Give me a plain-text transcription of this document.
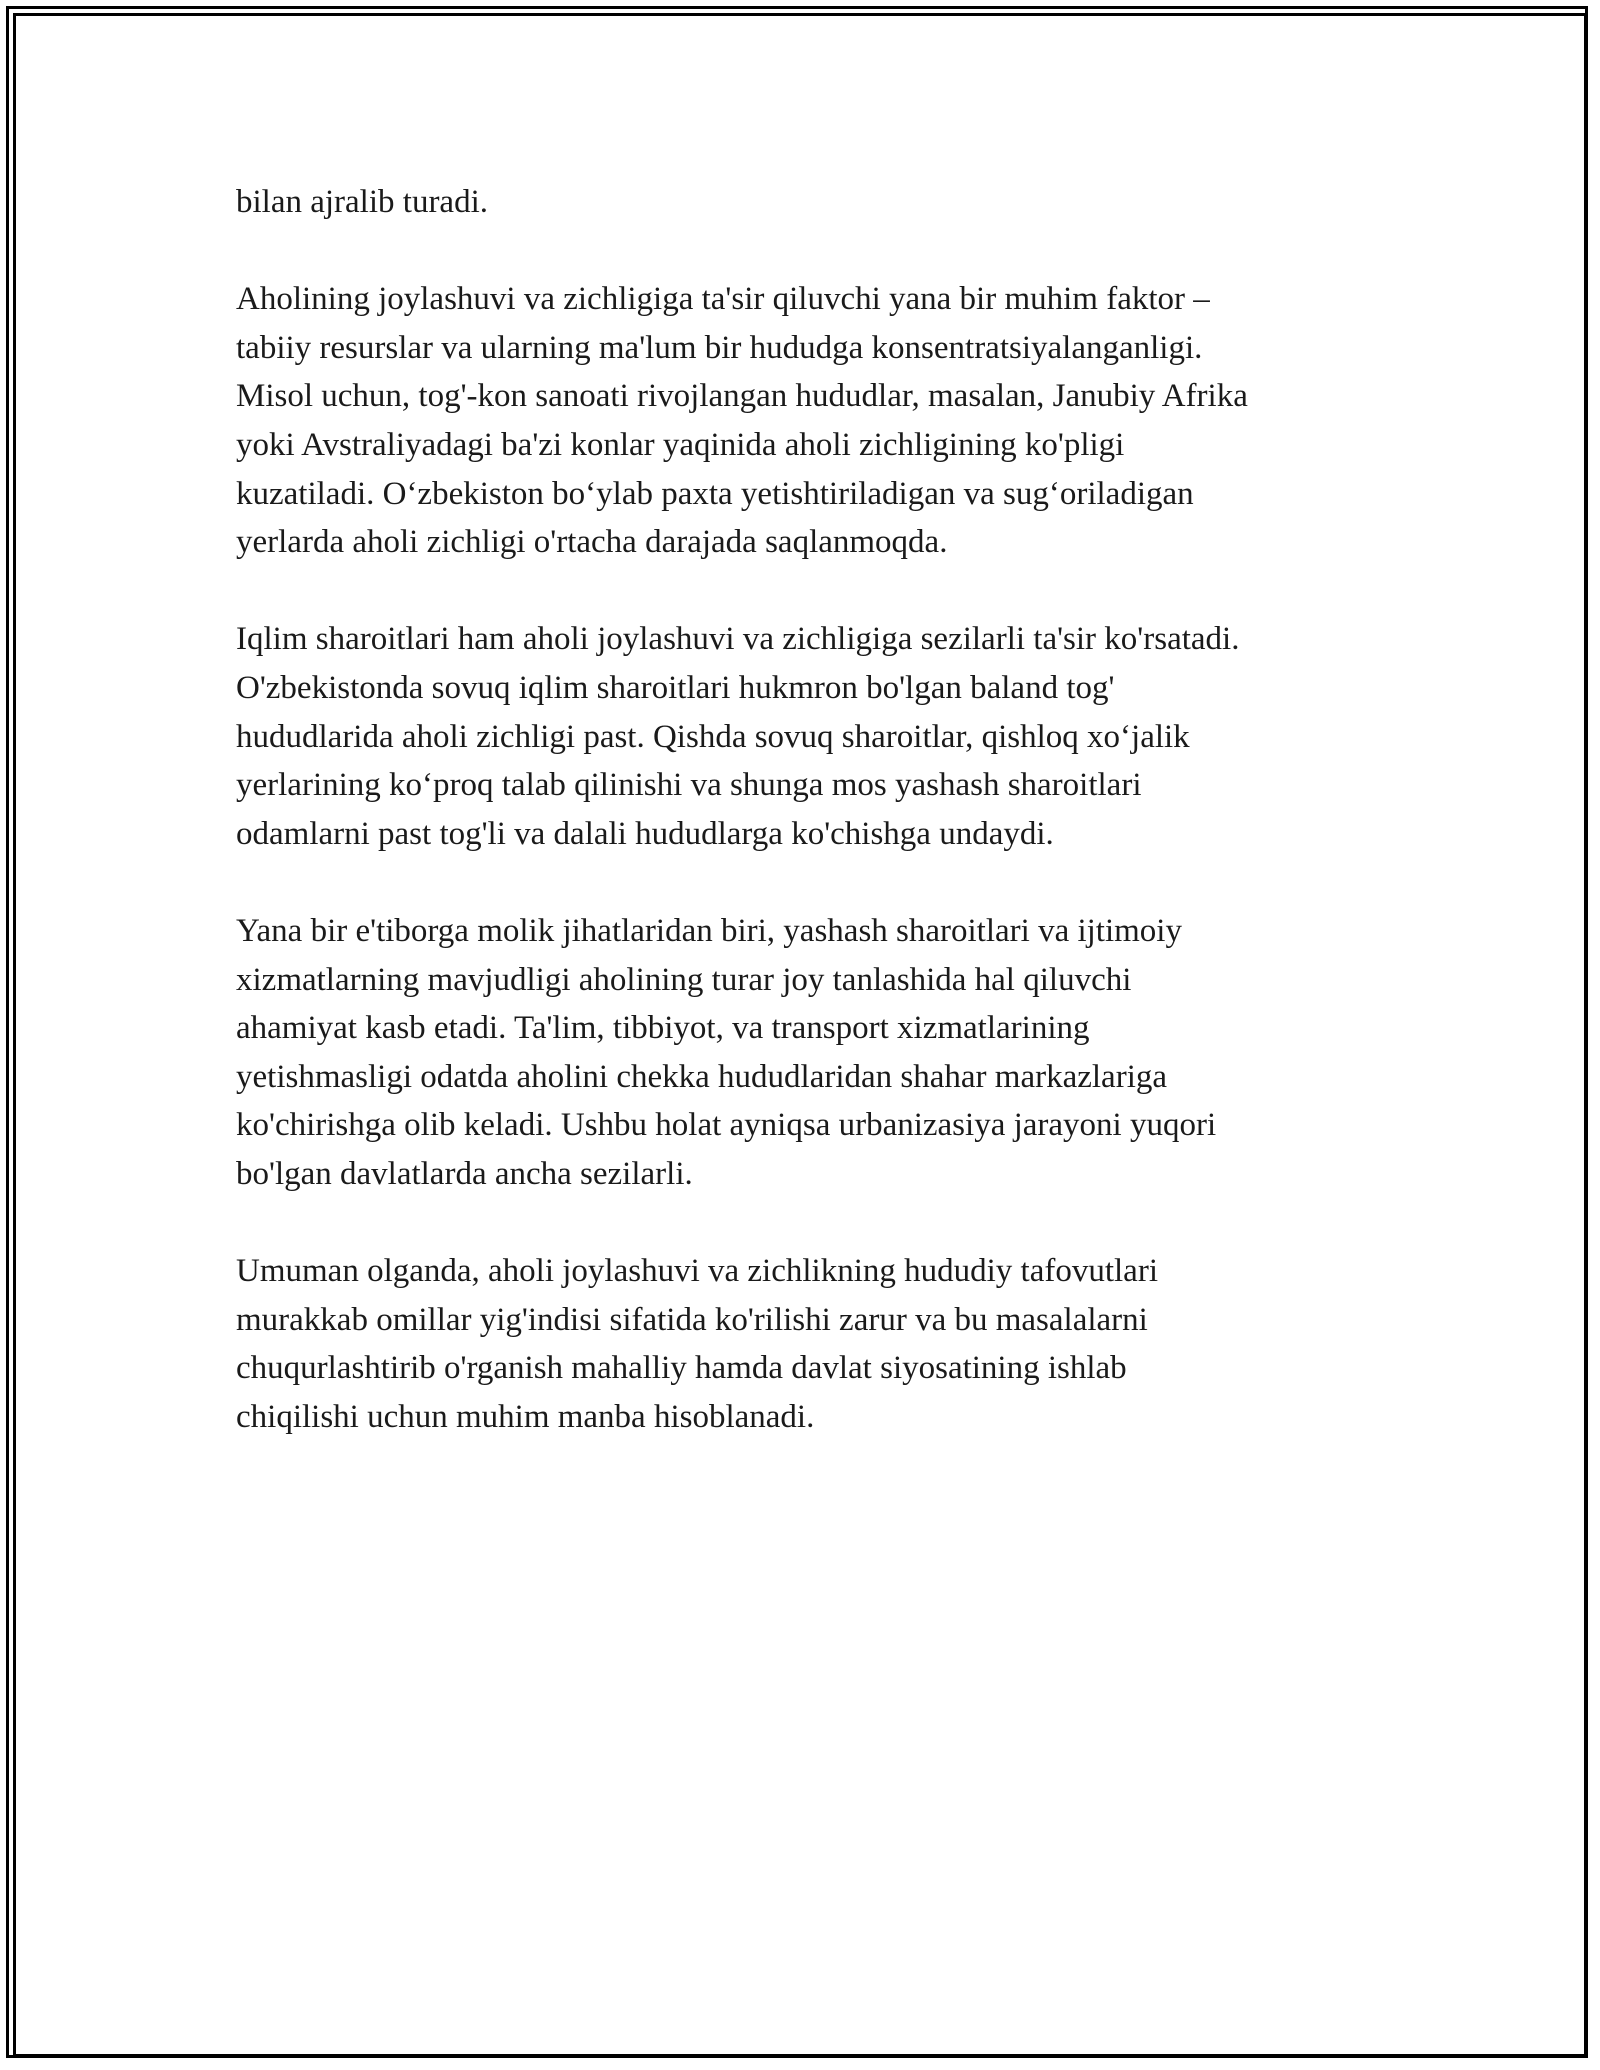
bilan ajralib turadi.
Aholining joylashuvi va zichligiga ta'sir qiluvchi yana bir muhim faktor –
tabiiy resurslar va ularning ma'lum bir hududga konsentratsiyalanganligi.
Misol uchun, tog'-kon sanoati rivojlangan hududlar, masalan, Janubiy Afrika
yoki Avstraliyadagi ba'zi konlar yaqinida aholi zichligining ko'pligi
kuzatiladi. O‘zbekiston bo‘ylab paxta yetishtiriladigan va sug‘oriladigan
yerlarda aholi zichligi o'rtacha darajada saqlanmoqda.
Iqlim sharoitlari ham aholi joylashuvi va zichligiga sezilarli ta'sir ko'rsatadi.
O'zbekistonda sovuq iqlim sharoitlari hukmron bo'lgan baland tog'
hududlarida aholi zichligi past. Qishda sovuq sharoitlar, qishloq xo‘jalik
yerlarining ko‘proq talab qilinishi va shunga mos yashash sharoitlari
odamlarni past tog'li va dalali hududlarga ko'chishga undaydi.
Yana bir e'tiborga molik jihatlaridan biri, yashash sharoitlari va ijtimoiy
xizmatlarning mavjudligi aholining turar joy tanlashida hal qiluvchi
ahamiyat kasb etadi. Ta'lim, tibbiyot, va transport xizmatlarining
yetishmasligi odatda aholini chekka hududlaridan shahar markazlariga
ko'chirishga olib keladi. Ushbu holat ayniqsa urbanizasiya jarayoni yuqori
bo'lgan davlatlarda ancha sezilarli.
Umuman olganda, aholi joylashuvi va zichlikning hududiy tafovutlari
murakkab omillar yig'indisi sifatida ko'rilishi zarur va bu masalalarni
chuqurlashtirib o'rganish mahalliy hamda davlat siyosatining ishlab
chiqilishi uchun muhim manba hisoblanadi.
